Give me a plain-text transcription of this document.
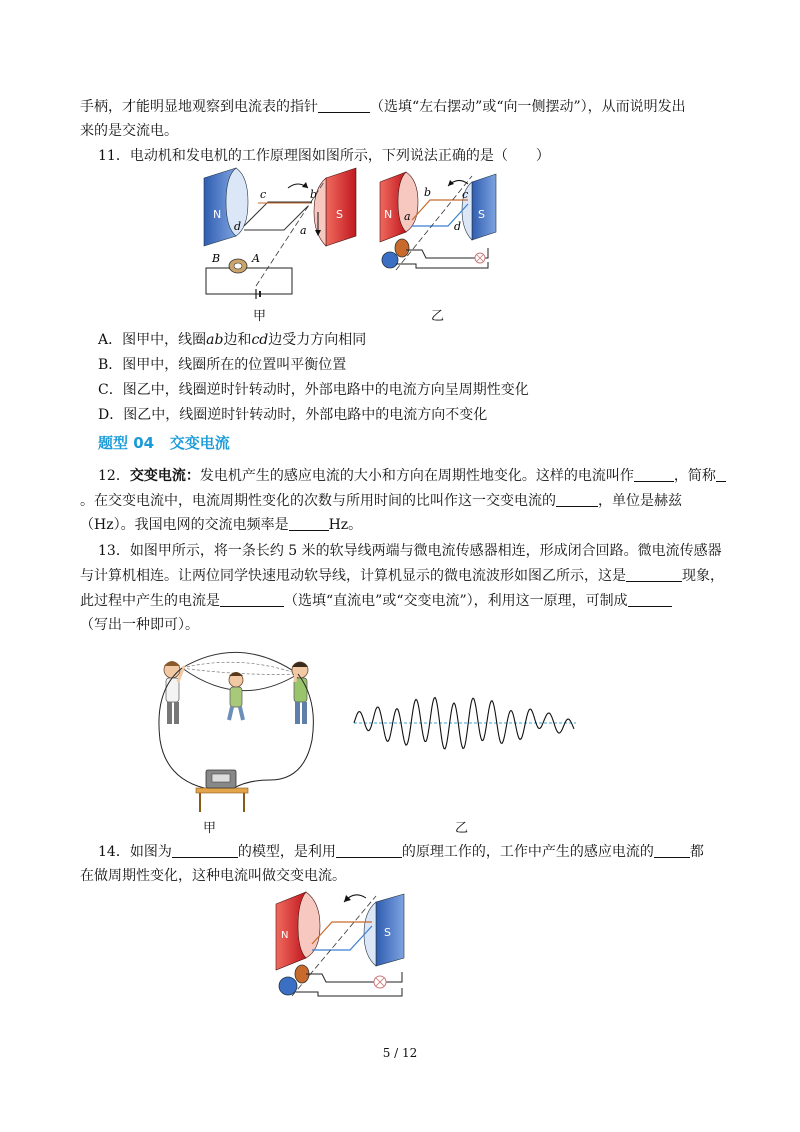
手柄，才能明显地观察到电流表的指针	（选填“左右摆动”或“向一侧摆动”），从而说明发出
来的是交流电。
11．电动机和发电机的工作原理图如图所示，下列说法正确的是（　　）
N	S
b
c
d	a
B	A
N	S
a
b	c
d
甲	乙
A．图甲中，线圈ab边和cd边受力方向相同
B．图甲中，线圈所在的位置叫平衡位置
C．图乙中，线圈逆时针转动时，外部电路中的电流方向呈周期性变化
D．图乙中，线圈逆时针转动时，外部电路中的电流方向不变化
题型 04 交变电流
12．交变电流：发电机产生的感应电流的大小和方向在周期性地变化。这样的电流叫作	，简称
。在交变电流中，电流周期性变化的次数与所用时间的比叫作这一交变电流的	，单位是赫兹
（Hz）。我国电网的交流电频率是	Hz。
13．如图甲所示，将一条长约 5 米的软导线两端与微电流传感器相连，形成闭合回路。微电流传感器
与计算机相连。让两位同学快速甩动软导线，计算机显示的微电流波形如图乙所示，这是	现象，
此过程中产生的电流是	（选填“直流电”或“交变电流”），利用这一原理，可制成
（写出一种即可）。
甲	乙
14．如图为	的模型，是利用	的原理工作的，工作中产生的感应电流的	都
在做周期性变化，这种电流叫做交变电流。
N	S
5 / 12
